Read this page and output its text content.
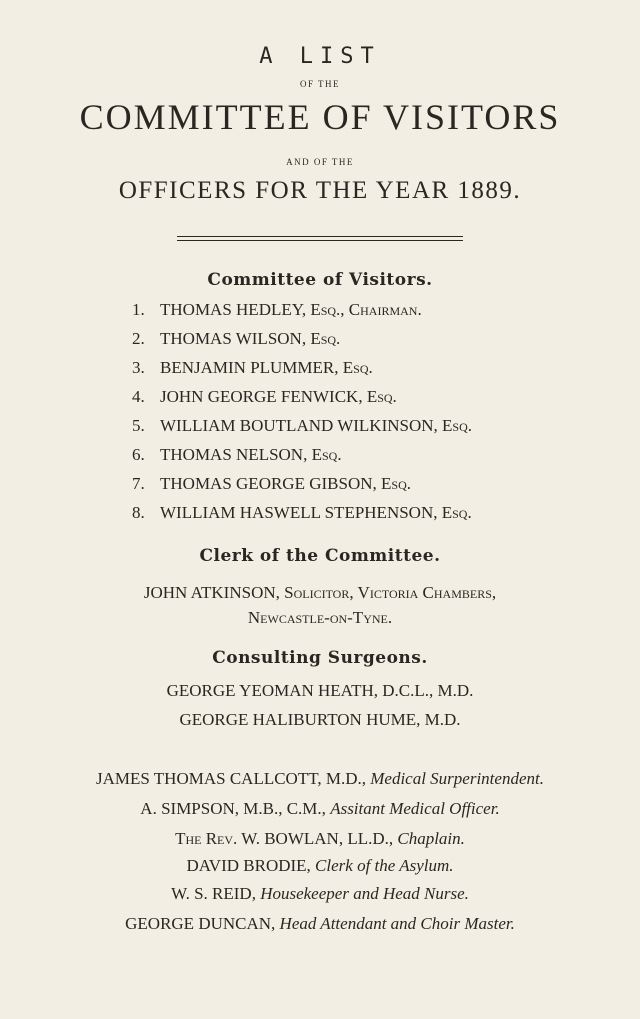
A LIST
OF THE
COMMITTEE OF VISITORS
AND OF THE
OFFICERS FOR THE YEAR 1889.
Committee of Visitors.
1. THOMAS HEDLEY, Esq., Chairman.
2. THOMAS WILSON, Esq.
3. BENJAMIN PLUMMER, Esq.
4. JOHN GEORGE FENWICK, Esq.
5. WILLIAM BOUTLAND WILKINSON, Esq.
6. THOMAS NELSON, Esq.
7. THOMAS GEORGE GIBSON, Esq.
8. WILLIAM HASWELL STEPHENSON, Esq.
Clerk of the Committee.
JOHN ATKINSON, Solicitor, Victoria Chambers,
Newcastle-on-Tyne.
Consulting Surgeons.
GEORGE YEOMAN HEATH, D.C.L., M.D.
GEORGE HALIBURTON HUME, M.D.
JAMES THOMAS CALLCOTT, M.D., Medical Surperintendent.
A. SIMPSON, M.B., C.M., Assitant Medical Officer.
The Rev. W. BOWLAN, LL.D., Chaplain.
DAVID BRODIE, Clerk of the Asylum.
W. S. REID, Housekeeper and Head Nurse.
GEORGE DUNCAN, Head Attendant and Choir Master.
